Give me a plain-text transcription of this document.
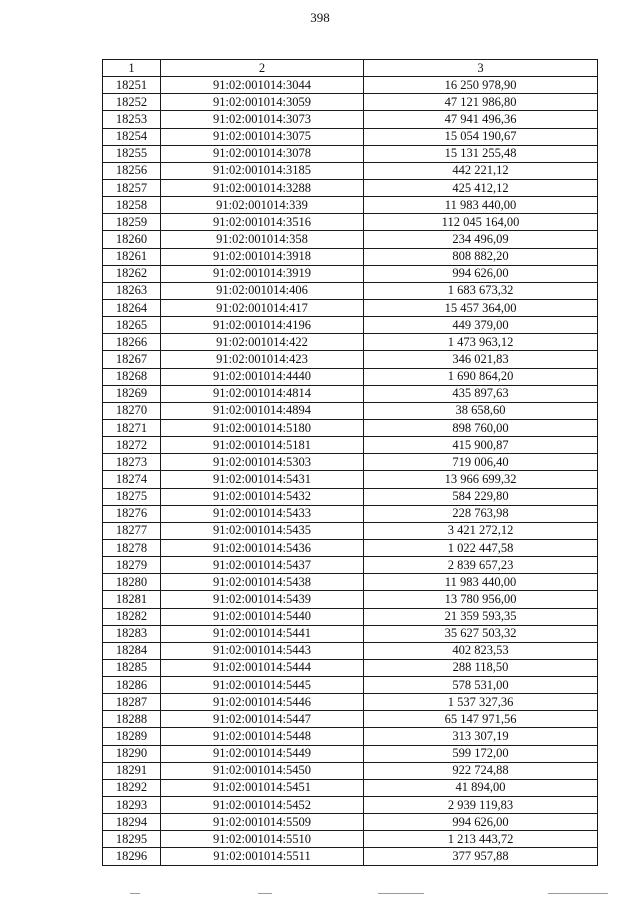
398
1	2	3
18251	91:02:001014:3044	16 250 978,90
18252	91:02:001014:3059	47 121 986,80
18253	91:02:001014:3073	47 941 496,36
18254	91:02:001014:3075	15 054 190,67
18255	91:02:001014:3078	15 131 255,48
18256	91:02:001014:3185	442 221,12
18257	91:02:001014:3288	425 412,12
18258	91:02:001014:339	11 983 440,00
18259	91:02:001014:3516	112 045 164,00
18260	91:02:001014:358	234 496,09
18261	91:02:001014:3918	808 882,20
18262	91:02:001014:3919	994 626,00
18263	91:02:001014:406	1 683 673,32
18264	91:02:001014:417	15 457 364,00
18265	91:02:001014:4196	449 379,00
18266	91:02:001014:422	1 473 963,12
18267	91:02:001014:423	346 021,83
18268	91:02:001014:4440	1 690 864,20
18269	91:02:001014:4814	435 897,63
18270	91:02:001014:4894	38 658,60
18271	91:02:001014:5180	898 760,00
18272	91:02:001014:5181	415 900,87
18273	91:02:001014:5303	719 006,40
18274	91:02:001014:5431	13 966 699,32
18275	91:02:001014:5432	584 229,80
18276	91:02:001014:5433	228 763,98
18277	91:02:001014:5435	3 421 272,12
18278	91:02:001014:5436	1 022 447,58
18279	91:02:001014:5437	2 839 657,23
18280	91:02:001014:5438	11 983 440,00
18281	91:02:001014:5439	13 780 956,00
18282	91:02:001014:5440	21 359 593,35
18283	91:02:001014:5441	35 627 503,32
18284	91:02:001014:5443	402 823,53
18285	91:02:001014:5444	288 118,50
18286	91:02:001014:5445	578 531,00
18287	91:02:001014:5446	1 537 327,36
18288	91:02:001014:5447	65 147 971,56
18289	91:02:001014:5448	313 307,19
18290	91:02:001014:5449	599 172,00
18291	91:02:001014:5450	922 724,88
18292	91:02:001014:5451	41 894,00
18293	91:02:001014:5452	2 939 119,83
18294	91:02:001014:5509	994 626,00
18295	91:02:001014:5510	1 213 443,72
18296	91:02:001014:5511	377 957,88
